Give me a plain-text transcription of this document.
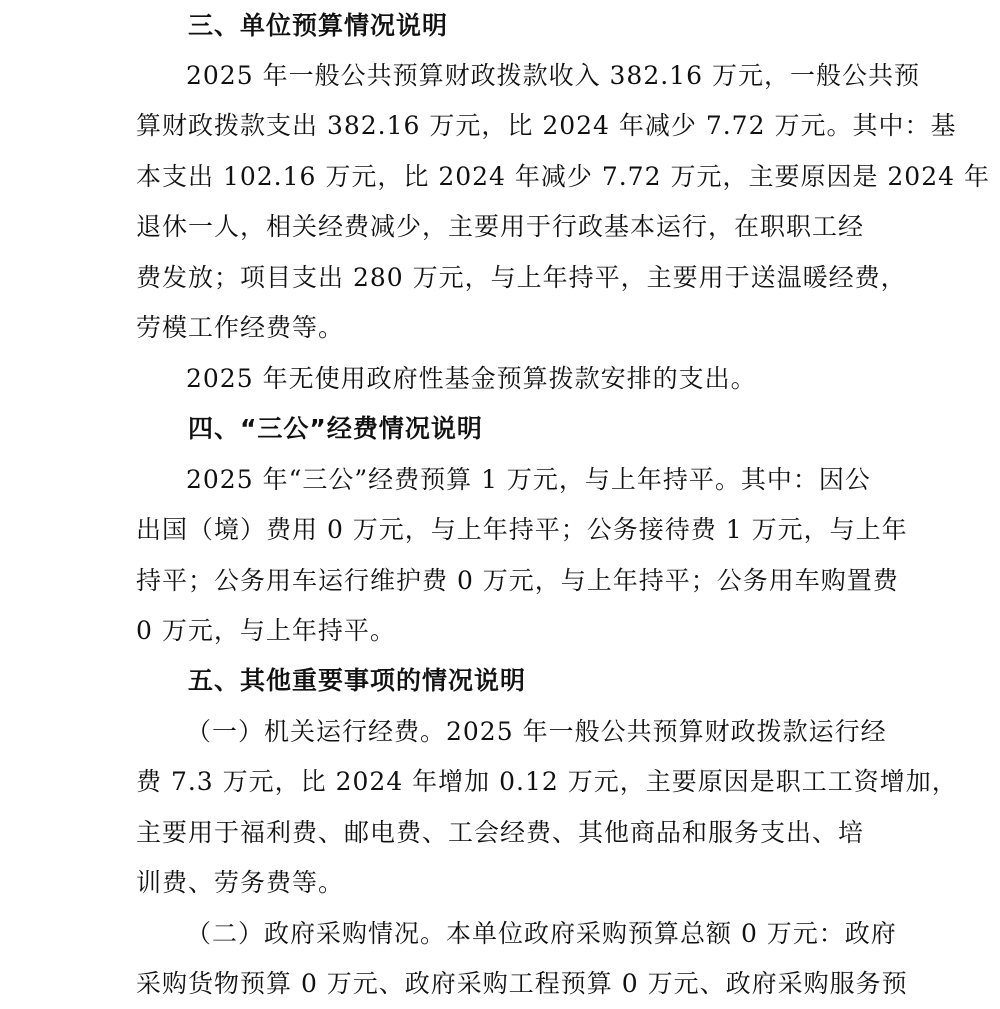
三、单位预算情况说明
2025 年一般公共预算财政拨款收入 382.16 万元，一般公共预
算财政拨款支出 382.16 万元，比 2024 年减少 7.72 万元。其中：基
本支出 102.16 万元，比 2024 年减少 7.72 万元，主要原因是 2024 年
退休一人，相关经费减少，主要用于行政基本运行，在职职工经
费发放；项目支出 280 万元，与上年持平，主要用于送温暖经费，
劳模工作经费等。
2025 年无使用政府性基金预算拨款安排的支出。
四、“三公”经费情况说明
2025 年“三公”经费预算 1 万元，与上年持平。其中：因公
出国（境）费用 0 万元，与上年持平；公务接待费 1 万元，与上年
持平；公务用车运行维护费 0 万元，与上年持平；公务用车购置费
0 万元，与上年持平。
五、其他重要事项的情况说明
（一）机关运行经费。2025 年一般公共预算财政拨款运行经
费 7.3 万元，比 2024 年增加 0.12 万元，主要原因是职工工资增加，
主要用于福利费、邮电费、工会经费、其他商品和服务支出、培
训费、劳务费等。
（二）政府采购情况。本单位政府采购预算总额 0 万元：政府
采购货物预算 0 万元、政府采购工程预算 0 万元、政府采购服务预
